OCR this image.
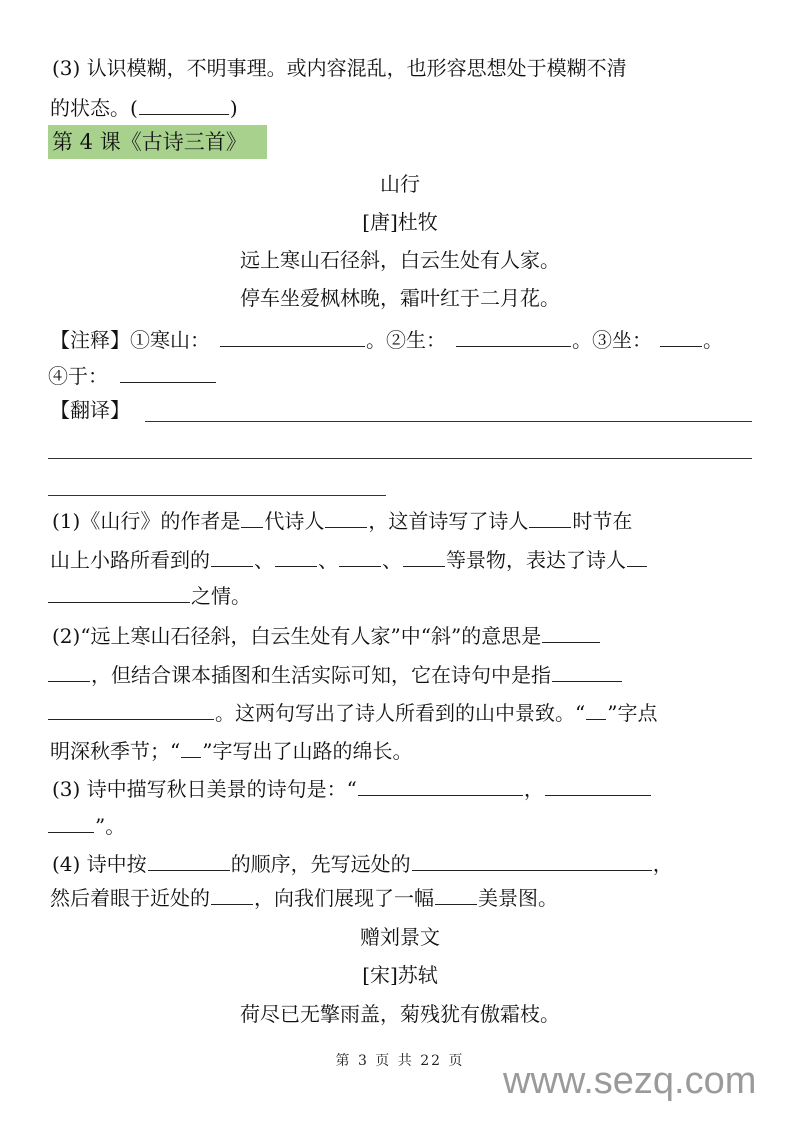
(3) 认识模糊，不明事理。或内容混乱，也形容思想处于模糊不清
的状态。(	)
第 4 课《古诗三首》
山行
[唐]杜牧
远上寒山石径斜，白云生处有人家。
停车坐爱枫林晚，霜叶红于二月花。
【注释】①寒山：	。②生：	。③坐：	。
④于：
【翻译】
(1)《山行》的作者是 代诗人 ，这首诗写了诗人 时节在
山上小路所看到的 、 、 、 等景物，表达了诗人
之情。
(2)“远上寒山石径斜，白云生处有人家”中“斜”的意思是
，但结合课本插图和生活实际可知，它在诗句中是指
。这两句写出了诗人所看到的山中景致。“ ”字点
明深秋季节；“ ”字写出了山路的绵长。
(3) 诗中描写秋日美景的诗句是：“	，
”。
(4) 诗中按	的顺序，先写远处的	，
然后着眼于近处的 ，向我们展现了一幅 美景图。
赠刘景文
[宋]苏轼
荷尽已无擎雨盖，菊残犹有傲霜枝。
第 3 页 共 22 页	www.sezq.com
